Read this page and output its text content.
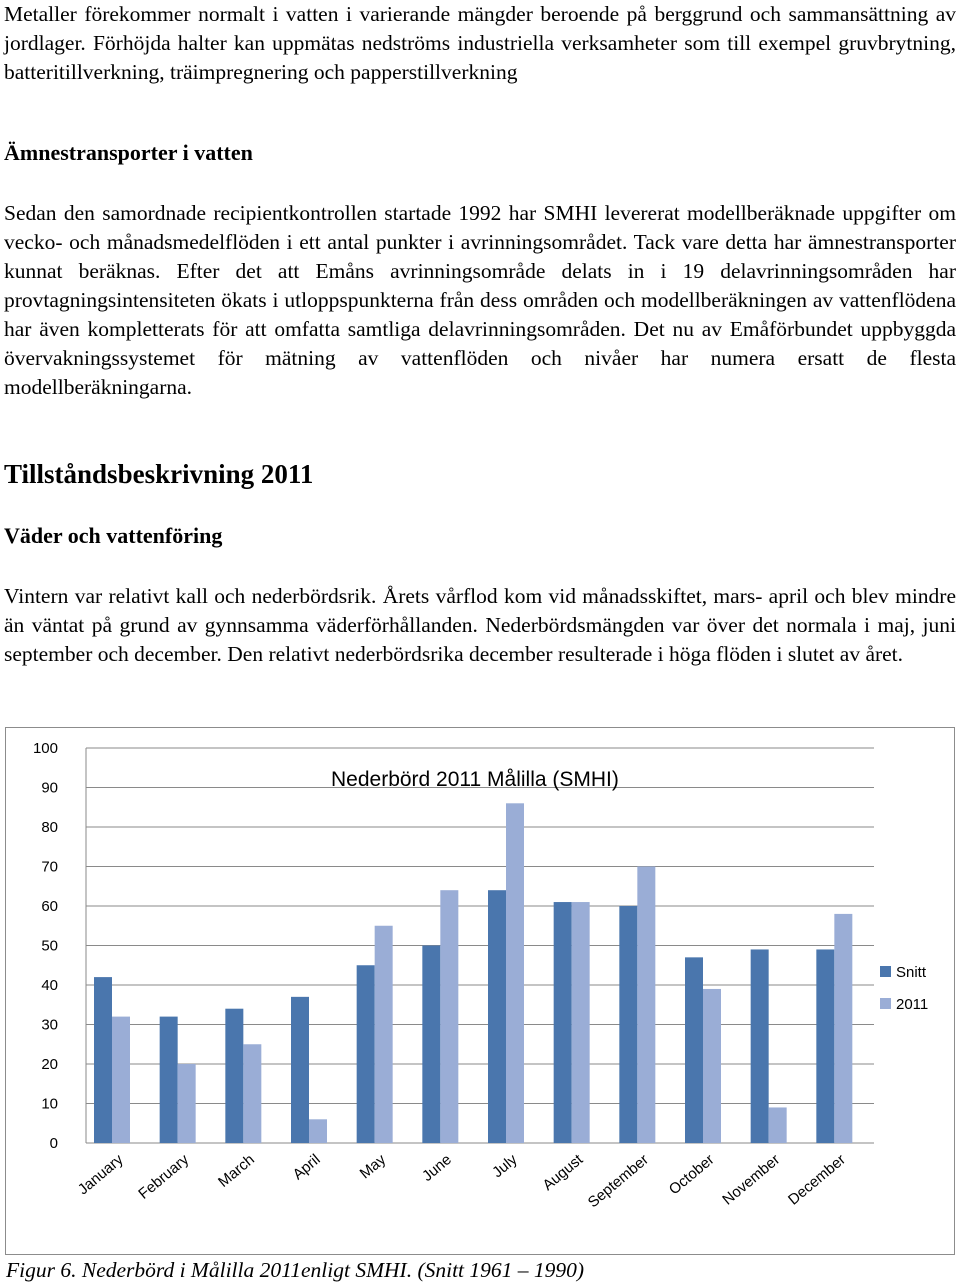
Metaller förekommer normalt i vatten i varierande mängder beroende på berggrund och sammansättning av jordlager. Förhöjda halter kan uppmätas nedströms industriella verksamheter som till exempel gruvbrytning, batteritillverkning, träimpregnering och papperstillverkning

Ämnestransporter i vatten

Sedan den samordnade recipientkontrollen startade 1992 har SMHI levererat modellberäknade uppgifter om vecko- och månadsmedelflöden i ett antal punkter i avrinningsområdet. Tack vare detta har ämnestransporter kunnat beräknas. Efter det att Emåns avrinningsområde delats in i 19 delavrinningsområden har provtagningsintensiteten ökats i utloppspunkterna från dess områden och modellberäkningen av vattenflödena har även kompletterats för att omfatta samtliga delavrinningsområden. Det nu av Emåförbundet uppbyggda övervakningssystemet för mätning av vattenflöden och nivåer har numera ersatt de flesta modellberäkningarna.

Tillståndsbeskrivning 2011
Väder och vattenföring

Vintern var relativt kall och nederbördsrik. Årets vårflod kom vid månadsskiftet, mars- april och blev mindre än väntat på grund av gynnsamma väderförhållanden. Nederbördsmängden var över det normala i maj, juni september och december. Den relativt nederbördsrika december resulterade i höga flöden i slutet av året.

0
10
20
30
40
50
60
70
80
90
100
January February March April May June July August
September October November December
Nederbörd 2011 Målilla (SMHI)
Snitt
2011

Figur 6. Nederbörd i Målilla 2011enligt SMHI. (Snitt 1961 – 1990)
